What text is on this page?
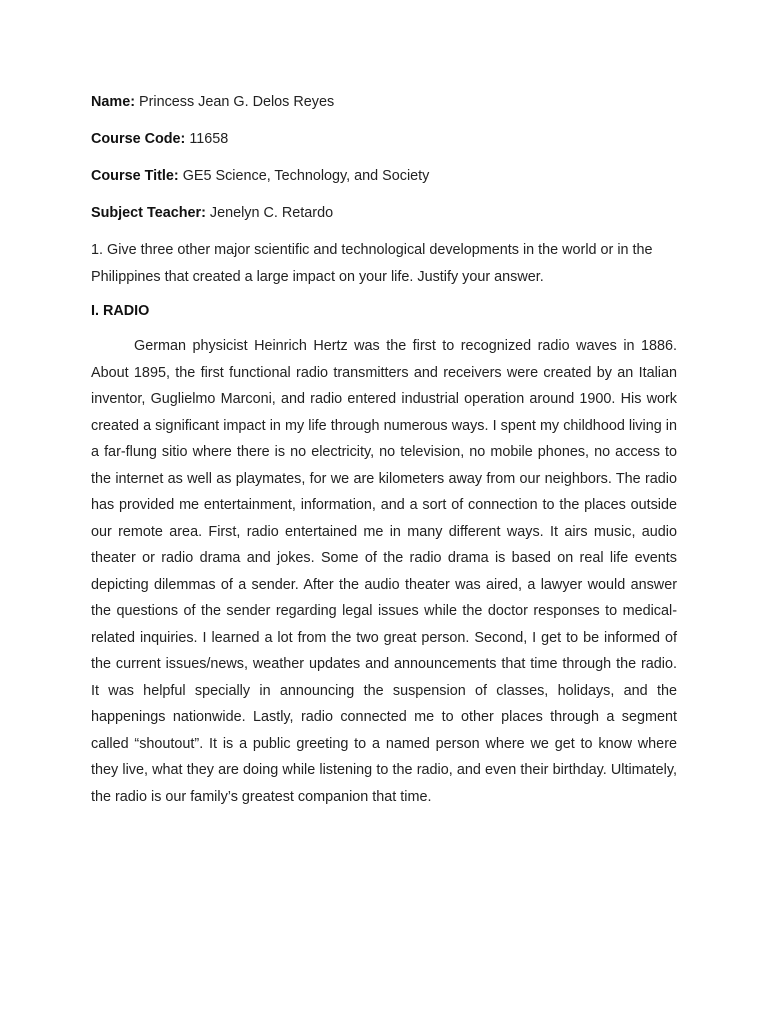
Name: Princess Jean G. Delos Reyes
Course Code: 11658
Course Title: GE5 Science, Technology, and Society
Subject Teacher: Jenelyn C. Retardo

1. Give three other major scientific and technological developments in the world or in the Philippines that created a large impact on your life. Justify your answer.

I. RADIO

German physicist Heinrich Hertz was the first to recognized radio waves in 1886. About 1895, the first functional radio transmitters and receivers were created by an Italian inventor, Guglielmo Marconi, and radio entered industrial operation around 1900. His work created a significant impact in my life through numerous ways. I spent my childhood living in a far-flung sitio where there is no electricity, no television, no mobile phones, no access to the internet as well as playmates, for we are kilometers away from our neighbors. The radio has provided me entertainment, information, and a sort of connection to the places outside our remote area. First, radio entertained me in many different ways. It airs music, audio theater or radio drama and jokes. Some of the radio drama is based on real life events depicting dilemmas of a sender. After the audio theater was aired, a lawyer would answer the questions of the sender regarding legal issues while the doctor responses to medical-related inquiries. I learned a lot from the two great person. Second, I get to be informed of the current issues/news, weather updates and announcements that time through the radio. It was helpful specially in announcing the suspension of classes, holidays, and the happenings nationwide. Lastly, radio connected me to other places through a segment called “shoutout”. It is a public greeting to a named person where we get to know where they live, what they are doing while listening to the radio, and even their birthday. Ultimately, the radio is our family’s greatest companion that time.
